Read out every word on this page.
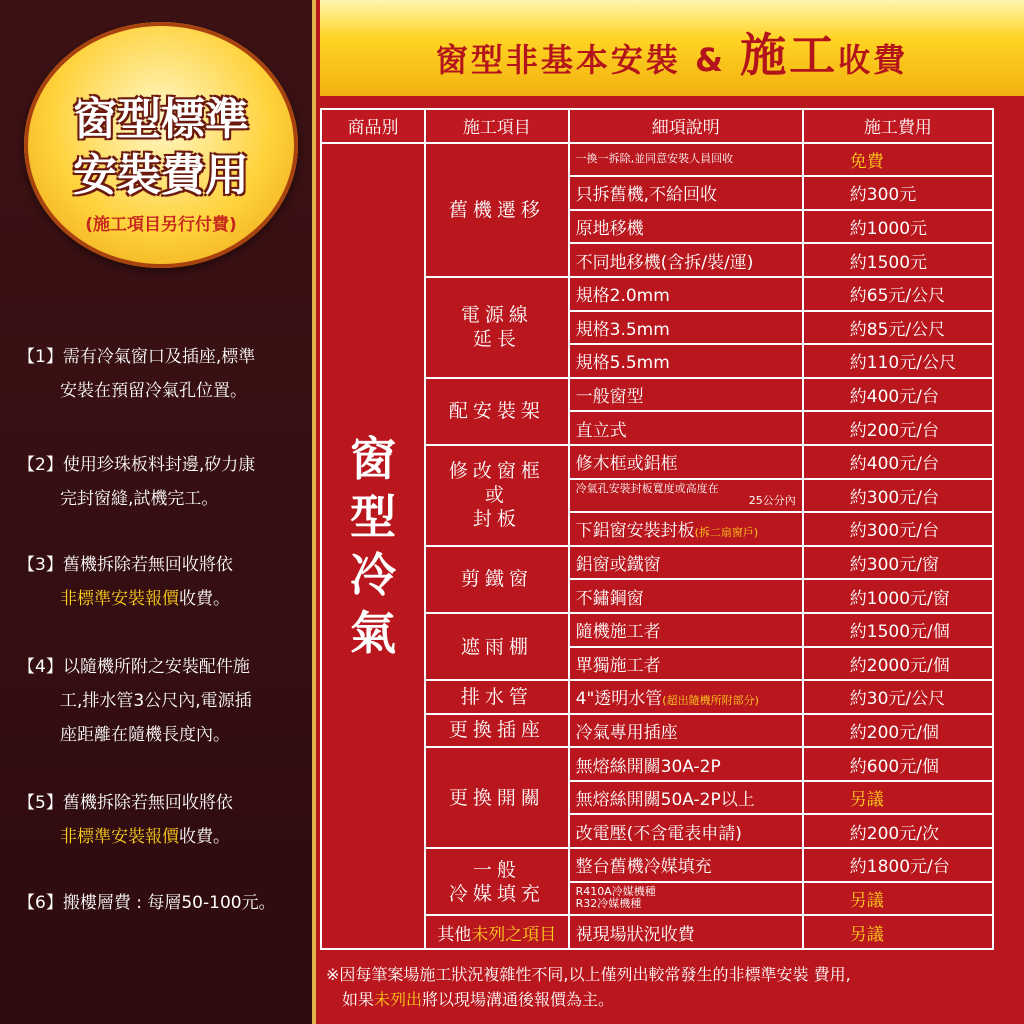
窗型標準
安裝費用
(施工項目另行付費)
【1】需有冷氣窗口及插座,標準

安裝在預留冷氣孔位置。
【2】使用珍珠板料封邊,矽力康

完封窗縫,試機完工。
【3】舊機拆除若無回收將依

非標準安裝報價收費。
【4】以隨機所附之安裝配件施

工,排水管3公尺內,電源插
座距離在隨機長度內。
【5】舊機拆除若無回收將依

非標準安裝報價收費。
【6】搬樓層費 : 每層50-100元。

窗型非基本安裝 & 施工收費
商品別	施工項目	細項說明	施工費用
窗型冷氣	舊機遷移	一換一拆除,並同意安裝人員回收	免費

		只拆舊機,不給回收	約300元

		原地移機	約1000元

		不同地移機(含拆/裝/運)	約1500元

	電源線
延長	規格2.0mm	約65元/公尺

		規格3.5mm	約85元/公尺

		規格5.5mm	約110元/公尺

	配安裝架	一般窗型	約400元/台

		直立式	約200元/台

	修改窗框
或
封板	修木框或鋁框	約400元/台

		冷氣孔安裝封板寬度或高度在
25公分內	約300元/台

		下鋁窗安裝封板(拆二扇窗戶)	約300元/台

	剪鐵窗	鋁窗或鐵窗	約300元/窗

		不鏽鋼窗	約1000元/窗

	遮雨棚	隨機施工者	約1500元/個

		單獨施工者	約2000元/個

	排水管	4"透明水管(超出隨機所附部分)	約30元/公尺

	更換插座	冷氣專用插座	約200元/個

	更換開關	無熔絲開關30A-2P	約600元/個

		無熔絲開關50A-2P以上	另議

		改電壓(不含電表申請)	約200元/次

	一般
冷媒填充	整台舊機冷媒填充	約1800元/台

		R410A冷媒機種
R32冷媒機種	另議
	其他未列之項目	視現場狀況收費	另議
※因每筆案場施工狀況複雜性不同,以上僅列出較常發生的非標準安裝 費用,
如果未列出將以現場溝通後報價為主。
